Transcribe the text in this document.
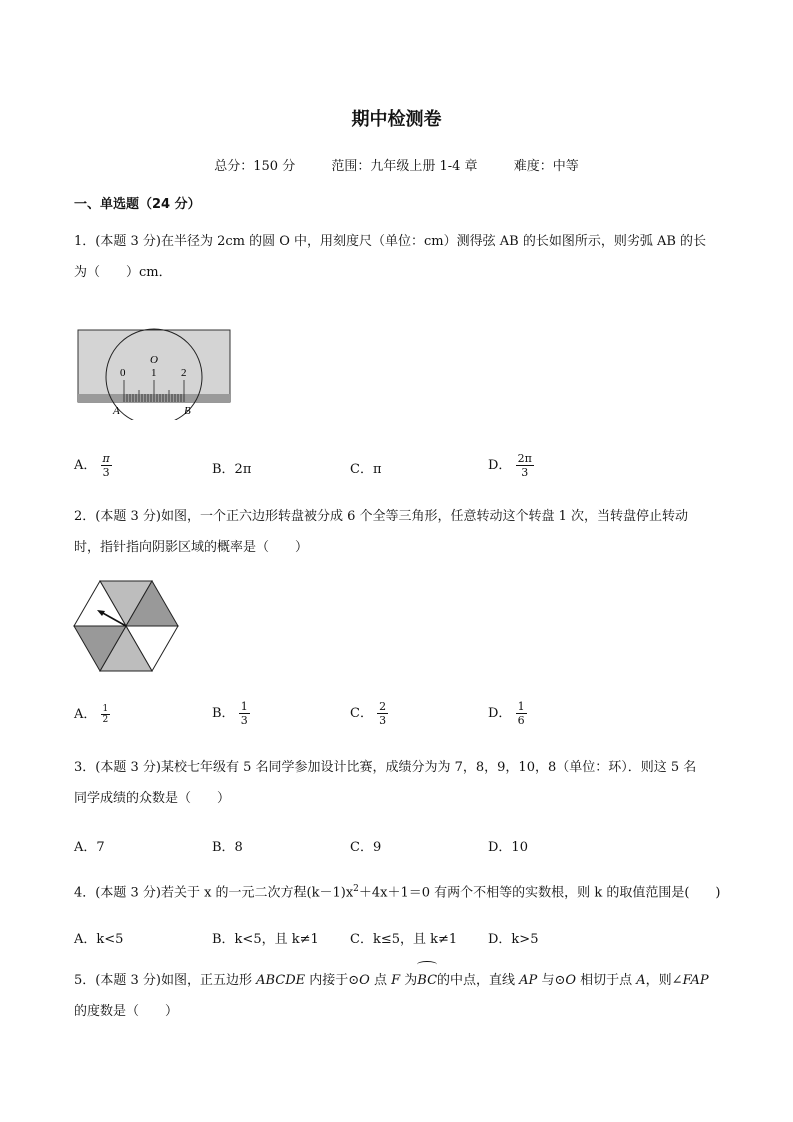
期中检测卷
总分：150 分	范围：九年级上册 1-4 章	难度：中等
一、单选题（24 分）
1．(本题 3 分)在半径为 2cm 的圆 O 中，用刻度尺（单位：cm）测得弦 AB 的长如图所示，则劣弧 AB 的长
为（　　）cm．
O
0 1 2
A	B
A． $\frac{\pi}{3}$	B．2π	C．π	D． $\frac{2\pi}{3}$
2．(本题 3 分)如图，一个正六边形转盘被分成 6 个全等三角形，任意转动这个转盘 1 次，当转盘停止转动
时，指针指向阴影区域的概率是（　　）
A． $\frac{1}{2}$	B． $\frac{1}{3}$	C． $\frac{2}{3}$	D． $\frac{1}{6}$
3．(本题 3 分)某校七年级有 5 名同学参加设计比赛，成绩分为为 7，8，9，10，8（单位：环）．则这 5 名
同学成绩的众数是（　　）
A．7	B．8	C．9	D．10
4．(本题 3 分)若关于 x 的一元二次方程$(k-1)x^2+4x+1=0$ 有两个不相等的实数根，则 k 的取值范围是(　　)
A．k<5	B．k<5，且 k≠1 C．k≤5，且 k≠1 D．k>5
5．(本题 3 分)如图，正五边形 ABCDE 内接于⊙O 点 F 为BC的中点，直线 AP 与⊙O 相切于点 A，则∠FAP
的度数是（　　）
